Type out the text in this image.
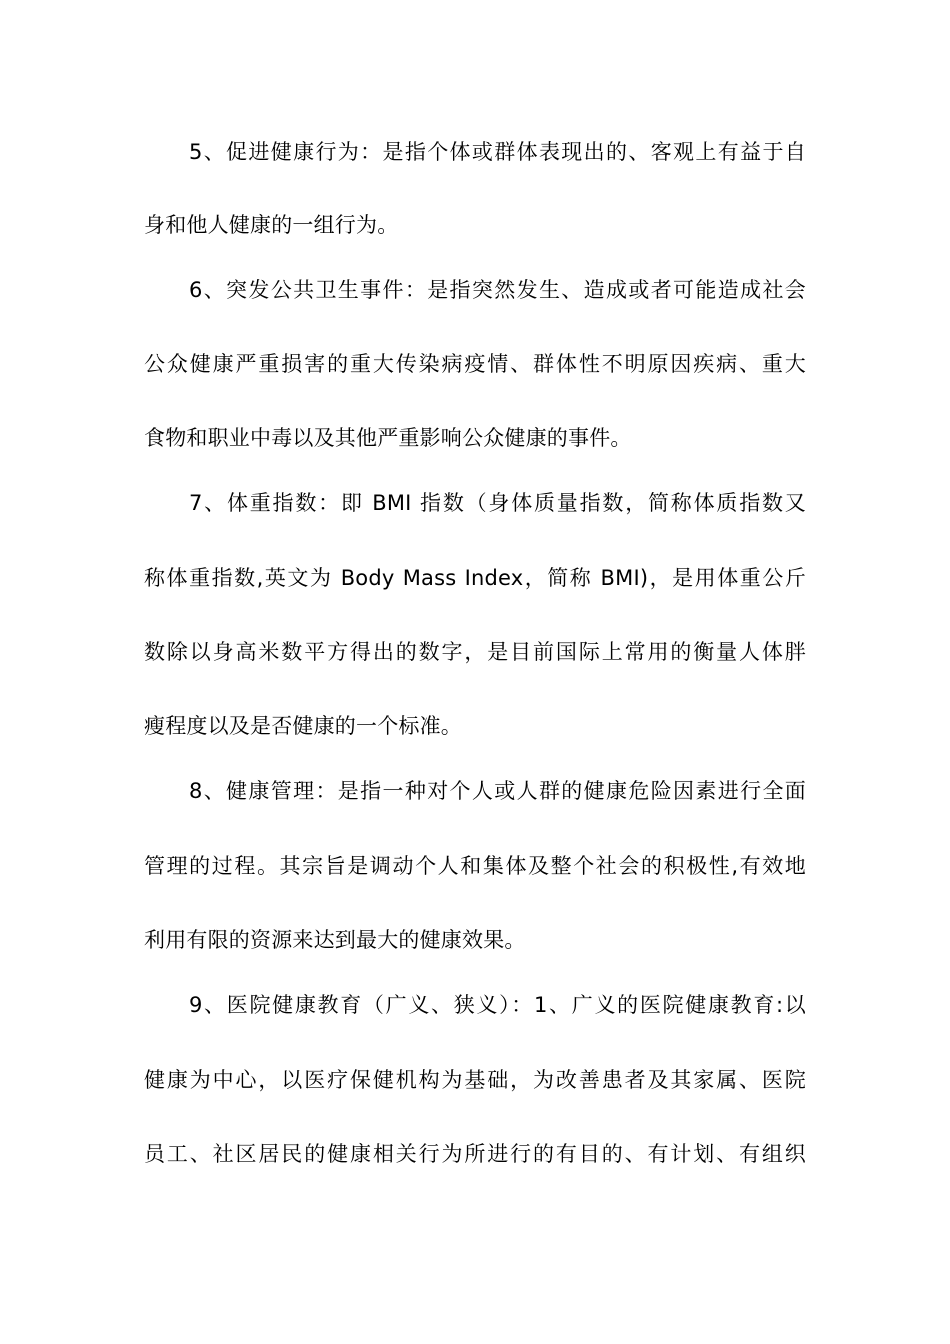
5、促进健康行为：是指个体或群体表现出的、客观上有益于自
身和他人健康的一组行为。
6、突发公共卫生事件：是指突然发生、造成或者可能造成社会
公众健康严重损害的重大传染病疫情、群体性不明原因疾病、重大
食物和职业中毒以及其他严重影响公众健康的事件。
7、体重指数：即 BMI 指数（身体质量指数，简称体质指数又
称体重指数,英文为 Body Mass Index，简称 BMI)，是用体重公斤
数除以身高米数平方得出的数字，是目前国际上常用的衡量人体胖
瘦程度以及是否健康的一个标准。
8、健康管理：是指一种对个人或人群的健康危险因素进行全面
管理的过程。其宗旨是调动个人和集体及整个社会的积极性,有效地
利用有限的资源来达到最大的健康效果。
9、医院健康教育（广义、狭义）：1、广义的医院健康教育:以
健康为中心，以医疗保健机构为基础，为改善患者及其家属、医院
员工、社区居民的健康相关行为所进行的有目的、有计划、有组织
